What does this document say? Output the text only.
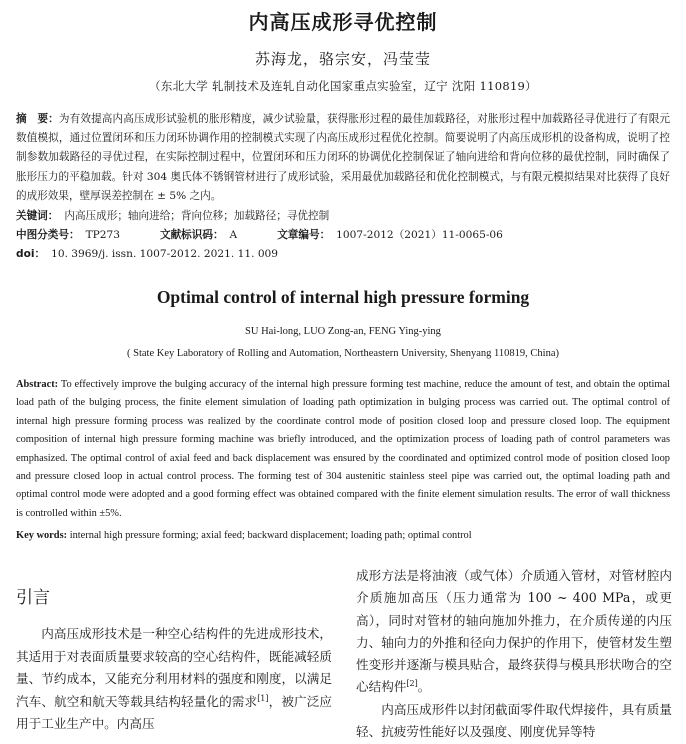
内高压成形寻优控制
苏海龙，骆宗安，冯莹莹
（东北大学 轧制技术及连轧自动化国家重点实验室，辽宁 沈阳 110819）
摘　要：为有效提高内高压成形试验机的胀形精度，减少试验量，获得胀形过程的最佳加载路径，对胀形过程中加载路径寻优进行了有限元数值模拟，通过位置闭环和压力闭环协调作用的控制模式实现了内高压成形过程优化控制。简要说明了内高压成形机的设备构成，说明了控制参数加载路径的寻优过程，在实际控制过程中，位置闭环和压力闭环的协调优化控制保证了轴向进给和背向位移的最优控制，同时确保了胀形压力的平稳加载。针对 304 奥氏体不锈钢管材进行了成形试验，采用最优加载路径和优化控制模式，与有限元模拟结果对比获得了良好的成形效果，壁厚误差控制在 ± 5% 之内。
关键词： 内高压成形；轴向进给；背向位移；加载路径；寻优控制
中图分类号： TP273	文献标识码： A	文章编号： 1007-2012（2021）11-0065-06
doi： 10. 3969/j. issn. 1007-2012. 2021. 11. 009
Optimal control of internal high pressure forming
SU Hai-long, LUO Zong-an, FENG Ying-ying
( State Key Laboratory of Rolling and Automation, Northeastern University, Shenyang 110819, China)
Abstract: To effectively improve the bulging accuracy of the internal high pressure forming test machine, reduce the amount of test, and obtain the optimal load path of the bulging process, the finite element simulation of loading path optimization in bulging process was carried out. The optimal control of internal high pressure forming process was realized by the coordinate control mode of position closed loop and pressure closed loop. The equipment composition of internal high pressure forming machine was briefly introduced, and the optimization process of loading path of control parameters was emphasized. The optimal control of axial feed and back displacement was ensured by the coordinated and optimized control mode of position closed loop and pressure closed loop in actual control process. The forming test of 304 austenitic stainless steel pipe was carried out, the optimal loading path and optimal control mode were adopted and a good forming effect was obtained compared with the finite element simulation results. The error of wall thickness is controlled within ±5%.
Key words: internal high pressure forming; axial feed; backward displacement; loading path; optimal control
引言

内高压成形技术是一种空心结构件的先进成形技术，其适用于对表面质量要求较高的空心结构件，既能减轻质量、节约成本，又能充分利用材料的强度和刚度，以满足汽车、航空和航天等载具结构轻量化的需求[1]，被广泛应用于工业生产中。内高压

成形方法是将油液（或气体）介质通入管材，对管材腔内介质施加高压（压力通常为 100 ~ 400 MPa，或更高），同时对管材的轴向施加外推力，在介质传递的内压力、轴向力的外推和径向力保护的作用下，使管材发生塑性变形并逐渐与模具贴合，最终获得与模具形状吻合的空心结构件[2]。

内高压成形件以封闭截面零件取代焊接件，具有质量轻、抗疲劳性能好以及强度、刚度优异等特
